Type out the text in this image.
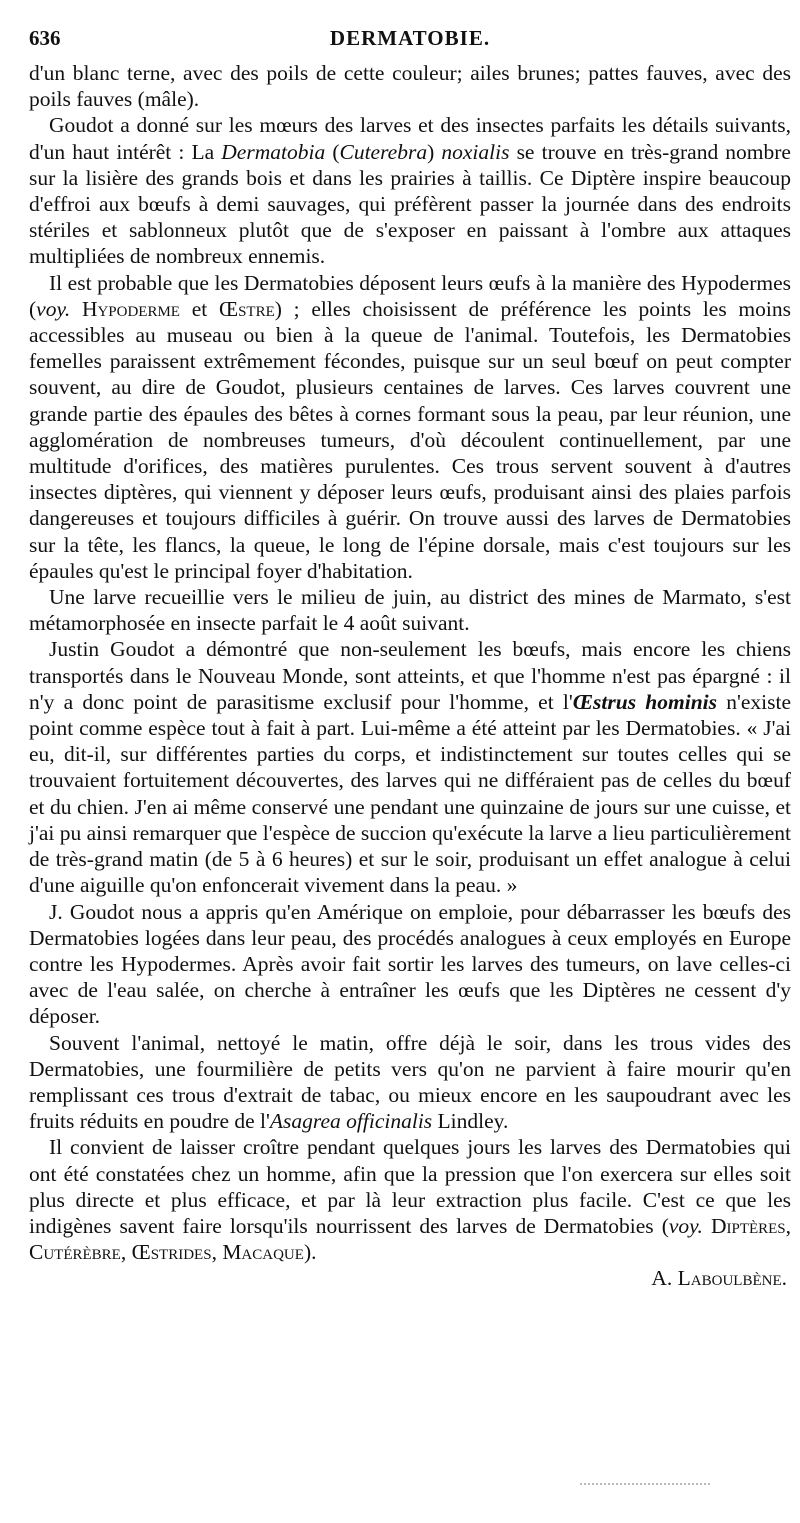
636	DERMATOBIE.

d'un blanc terne, avec des poils de cette couleur; ailes brunes; pattes fauves, avec des poils fauves (mâle).

Goudot a donné sur les mœurs des larves et des insectes parfaits les détails suivants, d'un haut intérêt : La Dermatobia (Cuterebra) noxialis se trouve en très-grand nombre sur la lisière des grands bois et dans les prairies à taillis. Ce Diptère inspire beaucoup d'effroi aux bœufs à demi sauvages, qui préfèrent passer la journée dans des endroits stériles et sablonneux plutôt que de s'exposer en paissant à l'ombre aux attaques multipliées de nombreux ennemis.

Il est probable que les Dermatobies déposent leurs œufs à la manière des Hypodermes (voy. Hypoderme et Œstre) ; elles choisissent de préférence les points les moins accessibles au museau ou bien à la queue de l'animal. Toutefois, les Dermatobies femelles paraissent extrêmement fécondes, puisque sur un seul bœuf on peut compter souvent, au dire de Goudot, plusieurs centaines de larves. Ces larves couvrent une grande partie des épaules des bêtes à cornes formant sous la peau, par leur réunion, une agglomération de nombreuses tumeurs, d'où découlent continuellement, par une multitude d'orifices, des matières purulentes. Ces trous servent souvent à d'autres insectes diptères, qui viennent y déposer leurs œufs, produisant ainsi des plaies parfois dangereuses et toujours difficiles à guérir. On trouve aussi des larves de Dermatobies sur la tête, les flancs, la queue, le long de l'épine dorsale, mais c'est toujours sur les épaules qu'est le principal foyer d'habitation.

Une larve recueillie vers le milieu de juin, au district des mines de Marmato, s'est métamorphosée en insecte parfait le 4 août suivant.

Justin Goudot a démontré que non-seulement les bœufs, mais encore les chiens transportés dans le Nouveau Monde, sont atteints, et que l'homme n'est pas épargné : il n'y a donc point de parasitisme exclusif pour l'homme, et l'Œstrus hominis n'existe point comme espèce tout à fait à part. Lui-même a été atteint par les Dermatobies. « J'ai eu, dit-il, sur différentes parties du corps, et indistinctement sur toutes celles qui se trouvaient fortuitement découvertes, des larves qui ne différaient pas de celles du bœuf et du chien. J'en ai même conservé une pendant une quinzaine de jours sur une cuisse, et j'ai pu ainsi remarquer que l'espèce de succion qu'exécute la larve a lieu particulièrement de très-grand matin (de 5 à 6 heures) et sur le soir, produisant un effet analogue à celui d'une aiguille qu'on enfoncerait vivement dans la peau. »

J. Goudot nous a appris qu'en Amérique on emploie, pour débarrasser les bœufs des Dermatobies logées dans leur peau, des procédés analogues à ceux employés en Europe contre les Hypodermes. Après avoir fait sortir les larves des tumeurs, on lave celles-ci avec de l'eau salée, on cherche à entraîner les œufs que les Diptères ne cessent d'y déposer.

Souvent l'animal, nettoyé le matin, offre déjà le soir, dans les trous vides des Dermatobies, une fourmilière de petits vers qu'on ne parvient à faire mourir qu'en remplissant ces trous d'extrait de tabac, ou mieux encore en les saupoudrant avec les fruits réduits en poudre de l'Asagrea officinalis Lindley.

Il convient de laisser croître pendant quelques jours les larves des Dermatobies qui ont été constatées chez un homme, afin que la pression que l'on exercera sur elles soit plus directe et plus efficace, et par là leur extraction plus facile. C'est ce que les indigènes savent faire lorsqu'ils nourrissent des larves de Dermatobies (voy. Diptères, Cutérèbre, Œstrides, Macaque).

A. Laboulbène.
